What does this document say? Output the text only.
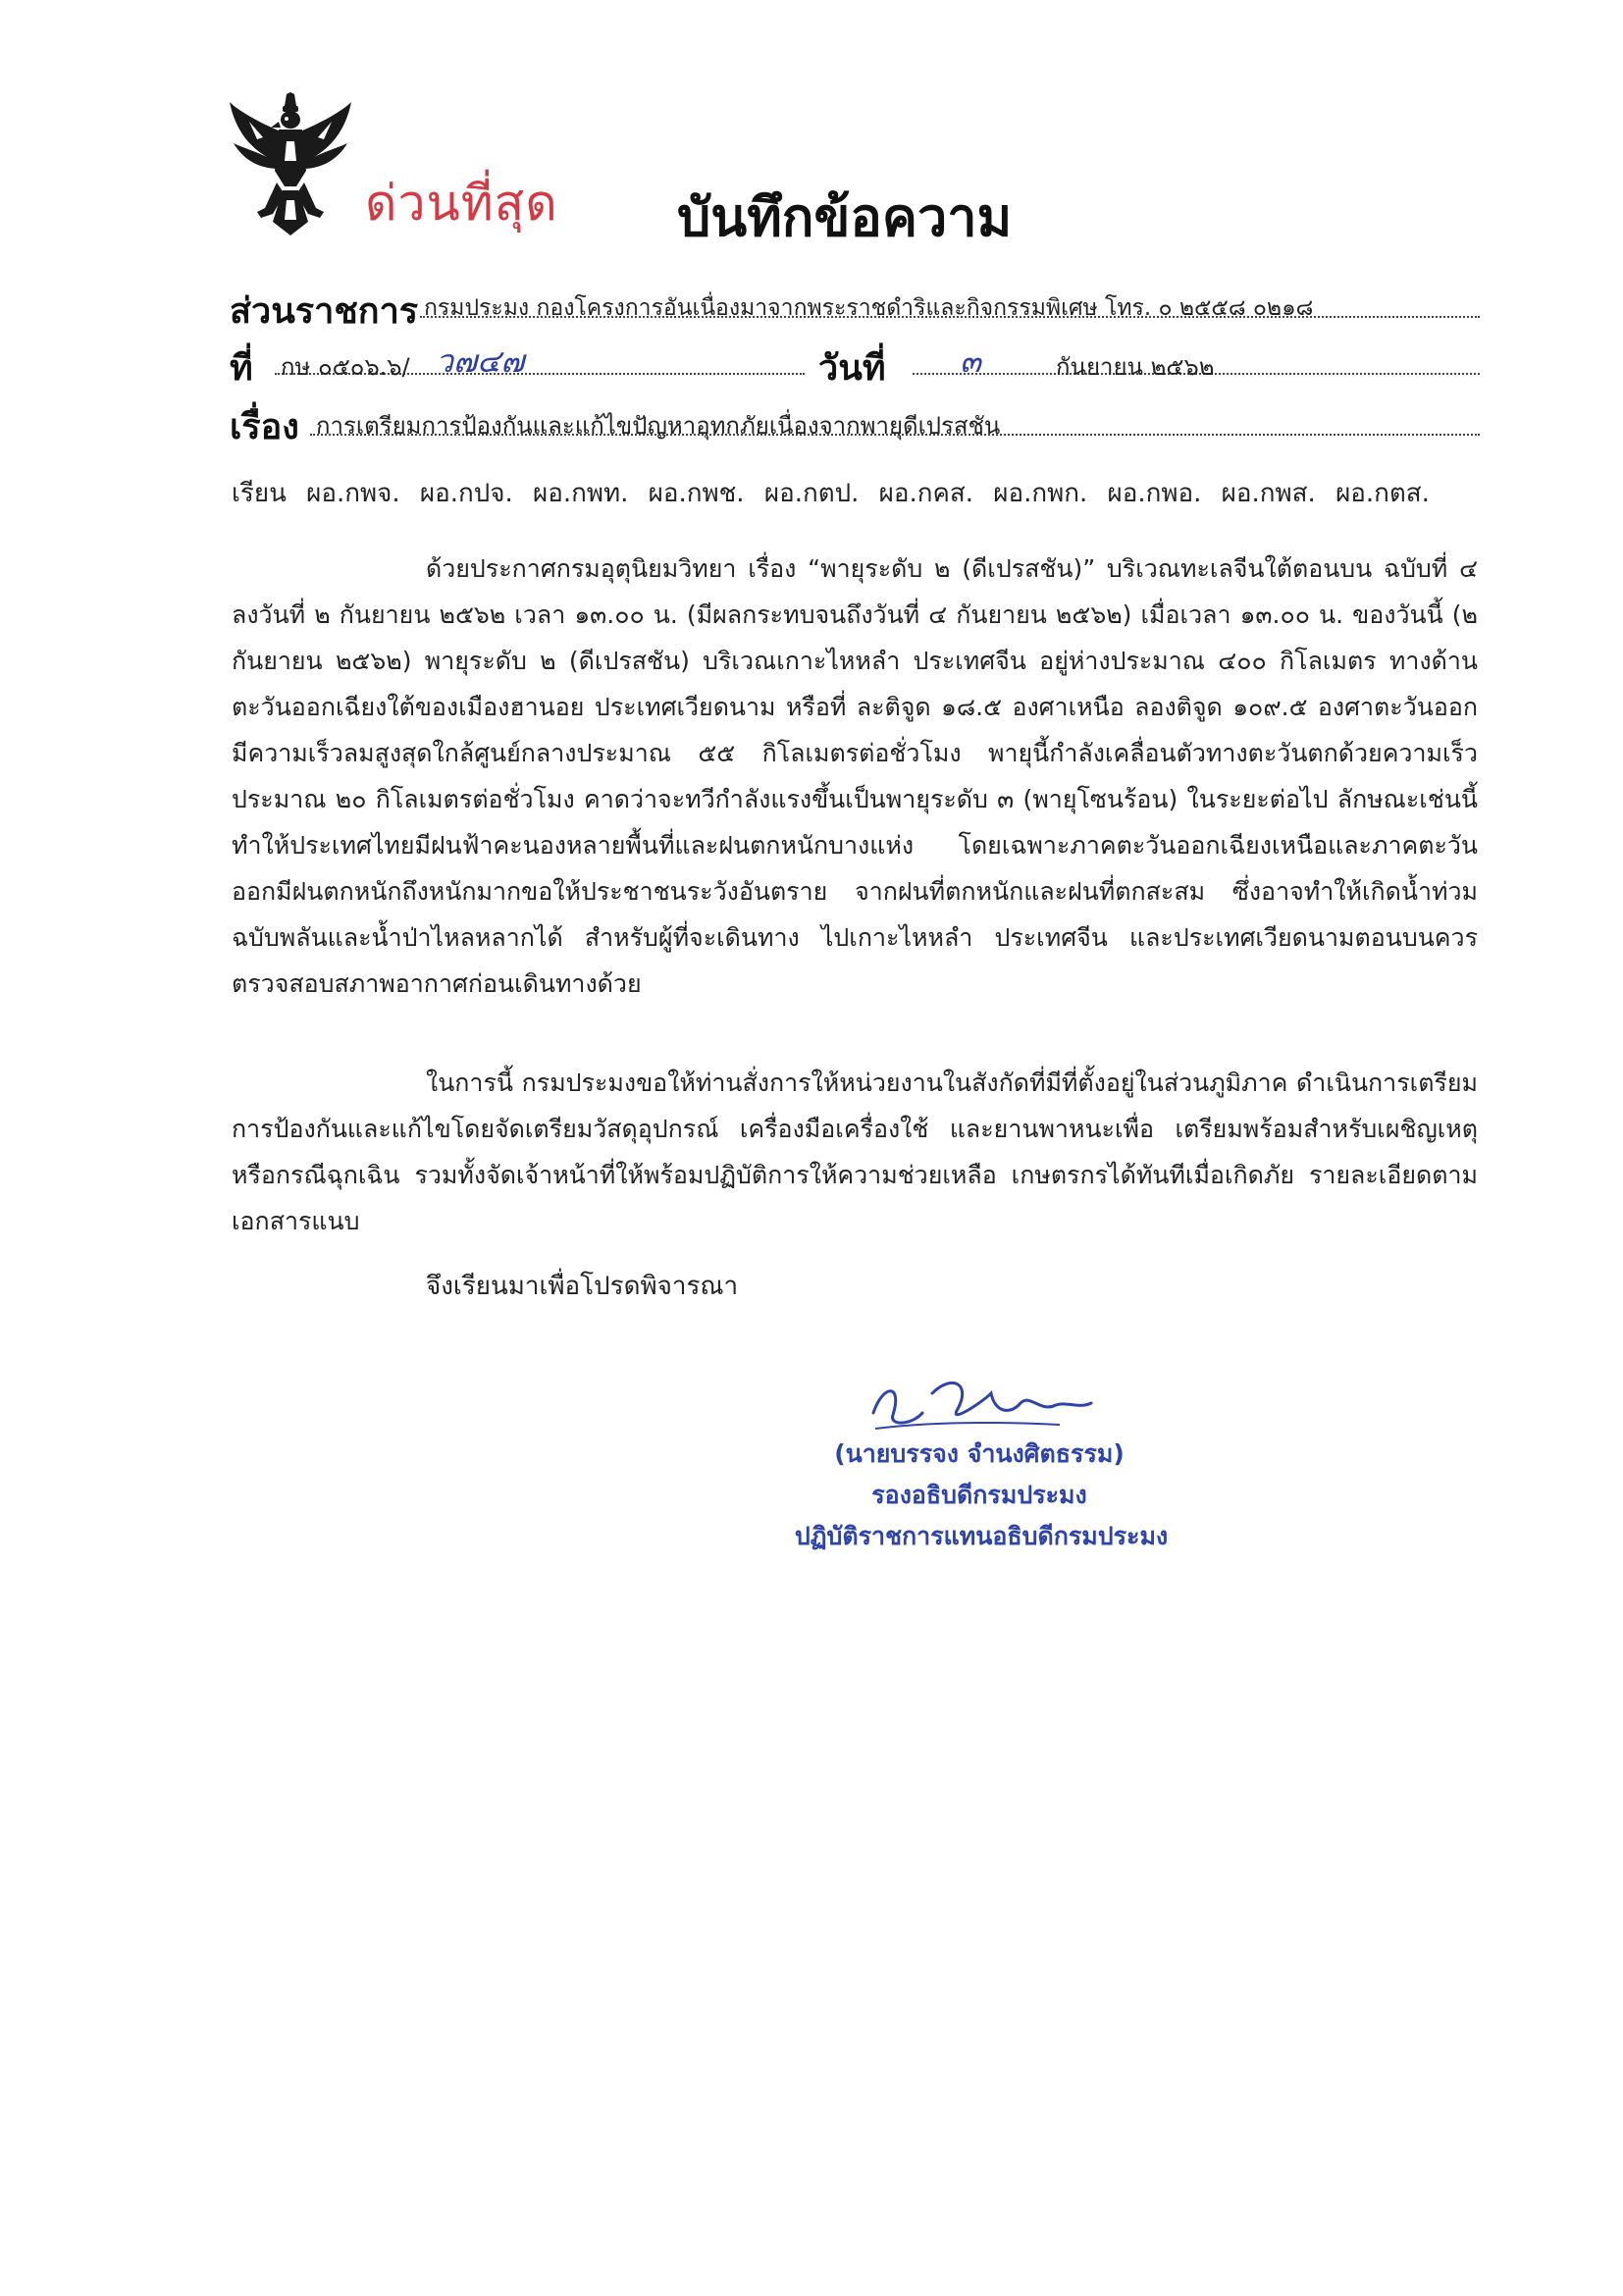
ด่วนที่สุด บันทึกข้อความ
ส่วนราชการ กรมประมง กองโครงการอันเนื่องมาจากพระราชดำริและกิจกรรมพิเศษ โทร. ๐ ๒๕๕๘ ๐๒๑๘
ที่ กษ ๐๕๐๖.๖/ ว๗๔๗	วันที่ ๓	กันยายน ๒๕๖๒
เรื่อง การเตรียมการป้องกันและแก้ไขปัญหาอุทกภัยเนื่องจากพายุดีเปรสชัน
เรียน ผอ.กพจ. ผอ.กปจ. ผอ.กพท. ผอ.กพช. ผอ.กตป. ผอ.กคส. ผอ.กพก. ผอ.กพอ. ผอ.กพส. ผอ.กตส.

ด้วยประกาศกรมอุตุนิยมวิทยา เรื่อง “พายุระดับ ๒ (ดีเปรสชัน)” บริเวณทะเลจีนใต้ตอนบน ฉบับที่ ๔ ลงวันที่ ๒ กันยายน ๒๕๖๒ เวลา ๑๓.๐๐ น. (มีผลกระทบจนถึงวันที่ ๔ กันยายน ๒๕๖๒) เมื่อเวลา ๑๓.๐๐ น. ของวันนี้ (๒ กันยายน ๒๕๖๒) พายุระดับ ๒ (ดีเปรสชัน) บริเวณเกาะไหหลำ ประเทศจีน อยู่ห่างประมาณ ๔๐๐ กิโลเมตร ทางด้านตะวันออกเฉียงใต้ของเมืองฮานอย ประเทศเวียดนาม หรือที่ ละติจูด ๑๘.๕ องศาเหนือ ลองติจูด ๑๐๙.๕ องศาตะวันออก มีความเร็วลมสูงสุดใกล้ศูนย์กลางประมาณ ๕๕ กิโลเมตรต่อชั่วโมง พายุนี้กำลังเคลื่อนตัวทางตะวันตกด้วยความเร็วประมาณ ๒๐ กิโลเมตรต่อชั่วโมง คาดว่าจะทวีกำลังแรงขึ้นเป็นพายุระดับ ๓ (พายุโซนร้อน) ในระยะต่อไป ลักษณะเช่นนี้ทำให้ประเทศไทยมีฝนฟ้าคะนองหลายพื้นที่และฝนตกหนักบางแห่ง โดยเฉพาะภาคตะวันออกเฉียงเหนือและภาคตะวันออกมีฝนตกหนักถึงหนักมากขอให้ประชาชนระวังอันตราย จากฝนที่ตกหนักและฝนที่ตกสะสม ซึ่งอาจทำให้เกิดน้ำท่วมฉบับพลันและน้ำป่าไหลหลากได้ สำหรับผู้ที่จะเดินทาง ไปเกาะไหหลำ ประเทศจีน และประเทศเวียดนามตอนบนควรตรวจสอบสภาพอากาศก่อนเดินทางด้วย

ในการนี้ กรมประมงขอให้ท่านสั่งการให้หน่วยงานในสังกัดที่มีที่ตั้งอยู่ในส่วนภูมิภาค ดำเนินการเตรียมการป้องกันและแก้ไขโดยจัดเตรียมวัสดุอุปกรณ์ เครื่องมือเครื่องใช้ และยานพาหนะเพื่อ เตรียมพร้อมสำหรับเผชิญเหตุหรือกรณีฉุกเฉิน รวมทั้งจัดเจ้าหน้าที่ให้พร้อมปฏิบัติการให้ความช่วยเหลือ เกษตรกรได้ทันทีเมื่อเกิดภัย รายละเอียดตามเอกสารแนบ

จึงเรียนมาเพื่อโปรดพิจารณา
(นายบรรจง จำนงศิตธรรม)
รองอธิบดีกรมประมง
ปฏิบัติราชการแทนอธิบดีกรมประมง
